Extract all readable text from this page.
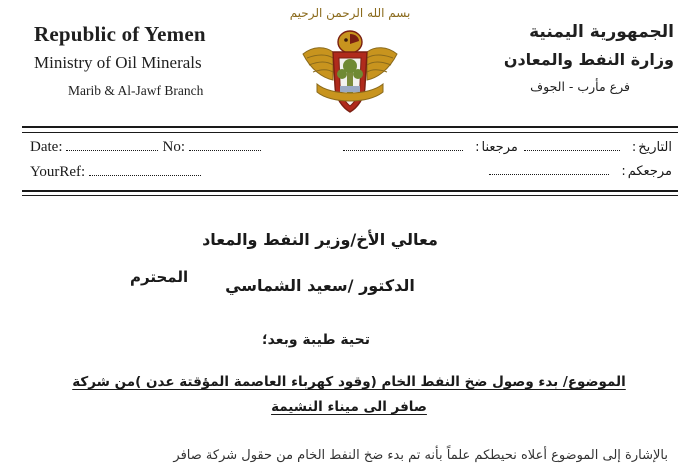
Republic of Yemen
Ministry of Oil Minerals
Marib & Al-Jawf Branch
بسم الله الرحمن الرحيم
الجمهورية اليمنية
وزارة النفط والمعادن
فرع مأرب - الجوف
Date:	No:
YourRef:
التاريخ
:
مرجعنا
:
مرجعكم
:
معالي الأخ/وزير النفط والمعاد
الدكتور /سعيد الشماسي
المحترم
تحية طيبة وبعد؛
الموضوع/ بدء وصول ضخ النفط الخام (وقود كهرباء العاصمة المؤقتة عدن )من شركة
صافر الى ميناء النشيمة
بالإشارة إلى الموضوع أعلاه نحيطكم علماً بأنه تم بدء ضخ النفط الخام من حقول شركة صافر
